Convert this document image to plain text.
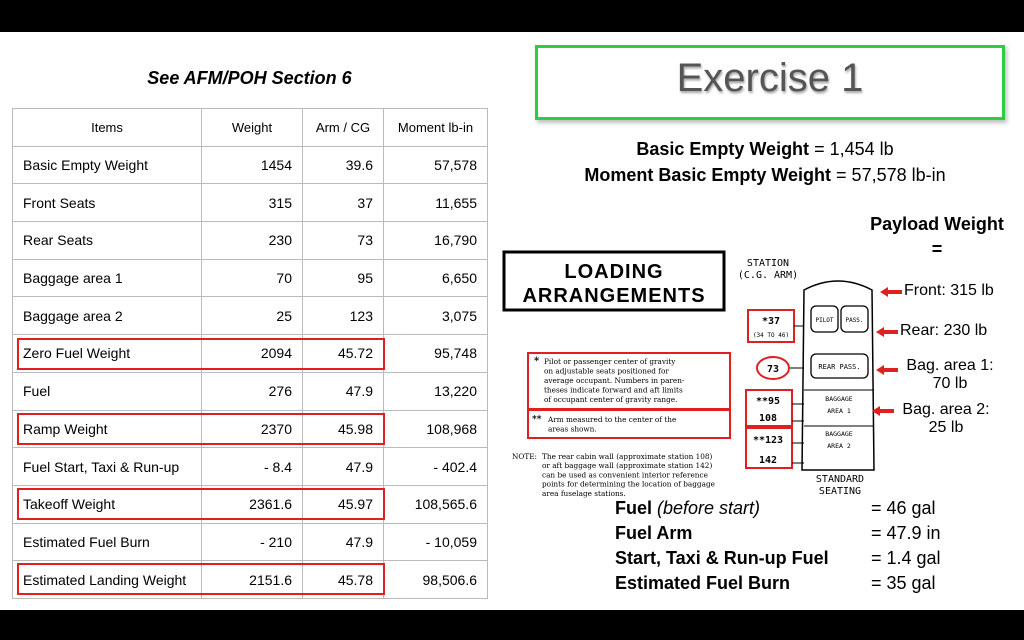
See AFM/POH Section 6
Items	Weight	Arm / CG	Moment lb-in
Basic Empty Weight	1454	39.6	57,578
Front Seats	315	37	11,655
Rear Seats	230	73	16,790
Baggage area 1	70	95	6,650
Baggage area 2	25	123	3,075
Zero Fuel Weight	2094	45.72	95,748
Fuel	276	47.9	13,220
Ramp Weight	2370	45.98	108,968
Fuel Start, Taxi & Run-up	- 8.4	47.9	- 402.4
Takeoff Weight	2361.6	45.97	108,565.6
Estimated Fuel Burn	- 210	47.9	- 10,059
Estimated Landing Weight	2151.6	45.78	98,506.6
Exercise 1
Basic Empty Weight = 1,454 lb
Moment Basic Empty Weight = 57,578 lb-in
Payload Weight
=
LOADING
ARRANGEMENTS
* Pilot or passenger center of gravity
on adjustable seats positioned for
average occupant. Numbers in paren-
theses indicate forward and aft limits
of occupant center of gravity range.
** Arm measured to the center of the
areas shown.
NOTE: The rear cabin wall (approximate station 108)
or aft baggage wall (approximate station 142)
can be used as convenient interior reference
points for determining the location of baggage
area fuselage stations.
STATION
(C.G. ARM)
*37
(34 TO 46)
73
**95
108
**123
142
PILOT PASS.
REAR PASS.
BAGGAGE
AREA 1
BAGGAGE
AREA 2
STANDARD
SEATING
Front: 315 lb
Rear: 230 lb
Bag. area 1:
70 lb
Bag. area 2:
25 lb
Fuel (before start)	= 46 gal
Fuel Arm	= 47.9 in
Start, Taxi & Run-up Fuel = 1.4 gal
Estimated Fuel Burn	= 35 gal
